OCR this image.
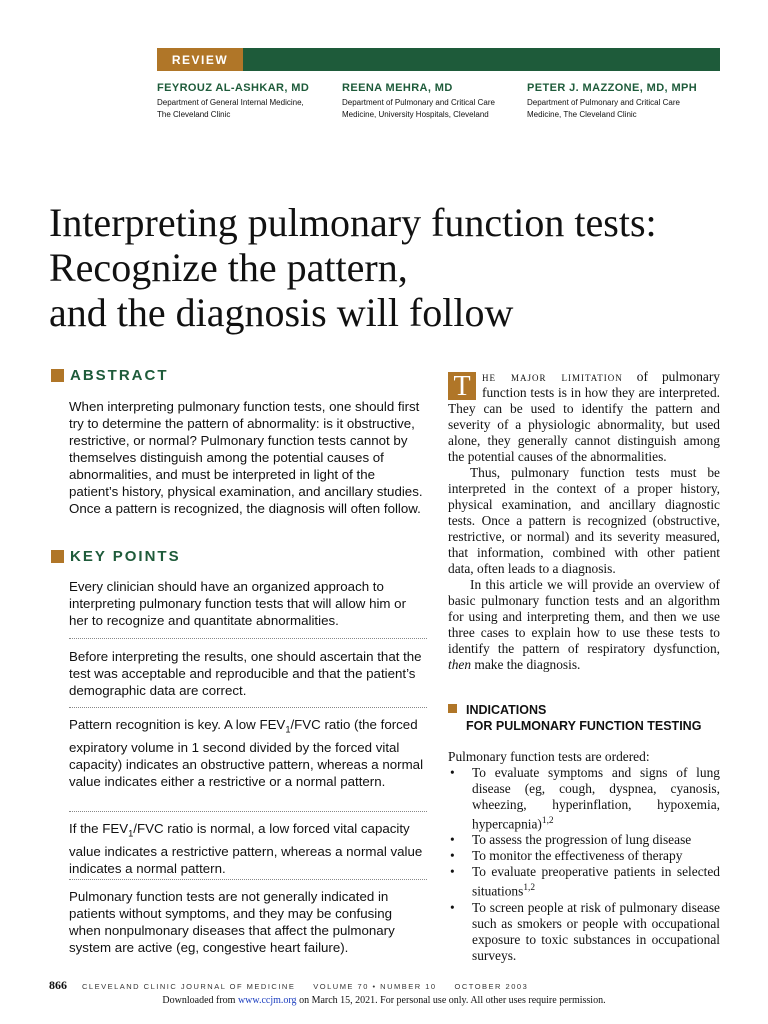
REVIEW
FEYROUZ AL-ASHKAR, MD
Department of General Internal Medicine,
The Cleveland Clinic
REENA MEHRA, MD
Department of Pulmonary and Critical Care
Medicine, University Hospitals, Cleveland
PETER J. MAZZONE, MD, MPH
Department of Pulmonary and Critical Care
Medicine, The Cleveland Clinic
Interpreting pulmonary function tests:
Recognize the pattern,
and the diagnosis will follow
ABSTRACT
When interpreting pulmonary function tests, one should first try to determine the pattern of abnormality: is it obstructive, restrictive, or normal? Pulmonary function tests cannot by themselves distinguish among the potential causes of abnormalities, and must be interpreted in light of the patient’s history, physical examination, and ancillary studies. Once a pattern is recognized, the diagnosis will often follow.
KEY POINTS
Every clinician should have an organized approach to interpreting pulmonary function tests that will allow him or her to recognize and quantitate abnormalities.
Before interpreting the results, one should ascertain that the test was acceptable and reproducible and that the patient’s demographic data are correct.
Pattern recognition is key. A low $FEV_1$/FVC ratio (the forced expiratory volume in 1 second divided by the forced vital capacity) indicates an obstructive pattern, whereas a normal value indicates either a restrictive or a normal pattern.
If the $FEV_1$/FVC ratio is normal, a low forced vital capacity value indicates a restrictive pattern, whereas a normal value indicates a normal pattern.
Pulmonary function tests are not generally indicated in patients without symptoms, and they may be confusing when nonpulmonary diseases that affect the pulmonary system are active (eg, congestive heart failure).

T he major limitation of pulmonary function tests is in how they are interpreted. They can be used to identify the pattern and severity of a physiologic abnormality, but used alone, they generally cannot distinguish among the potential causes of the abnormalities.

Thus, pulmonary function tests must be interpreted in the context of a proper history, physical examination, and ancillary diagnostic tests. Once a pattern is recognized (obstructive, restrictive, or normal) and its severity measured, that information, combined with other patient data, often leads to a diagnosis.

In this article we will provide an overview of basic pulmonary function tests and an algorithm for using and interpreting them, and then we use three cases to explain how to use these tests to identify the pattern of respiratory dysfunction, then make the diagnosis.

INDICATIONS
FOR PULMONARY FUNCTION TESTING
Pulmonary function tests are ordered:
• To evaluate symptoms and signs of lung disease (eg, cough, dyspnea, cyanosis, wheezing, hyperinflation, hypoxemia, hypercapnia)$^{1,2}$
• To assess the progression of lung disease
• To monitor the effectiveness of therapy
• To evaluate preoperative patients in selected situations$^{1,2}$
• To screen people at risk of pulmonary disease such as smokers or people with occupational exposure to toxic substances in occupational surveys.
866 CLEVELAND CLINIC JOURNAL OF MEDICINE VOLUME 70 • NUMBER 10 OCTOBER 2003
Downloaded from www.ccjm.org on March 15, 2021. For personal use only. All other uses require permission.
